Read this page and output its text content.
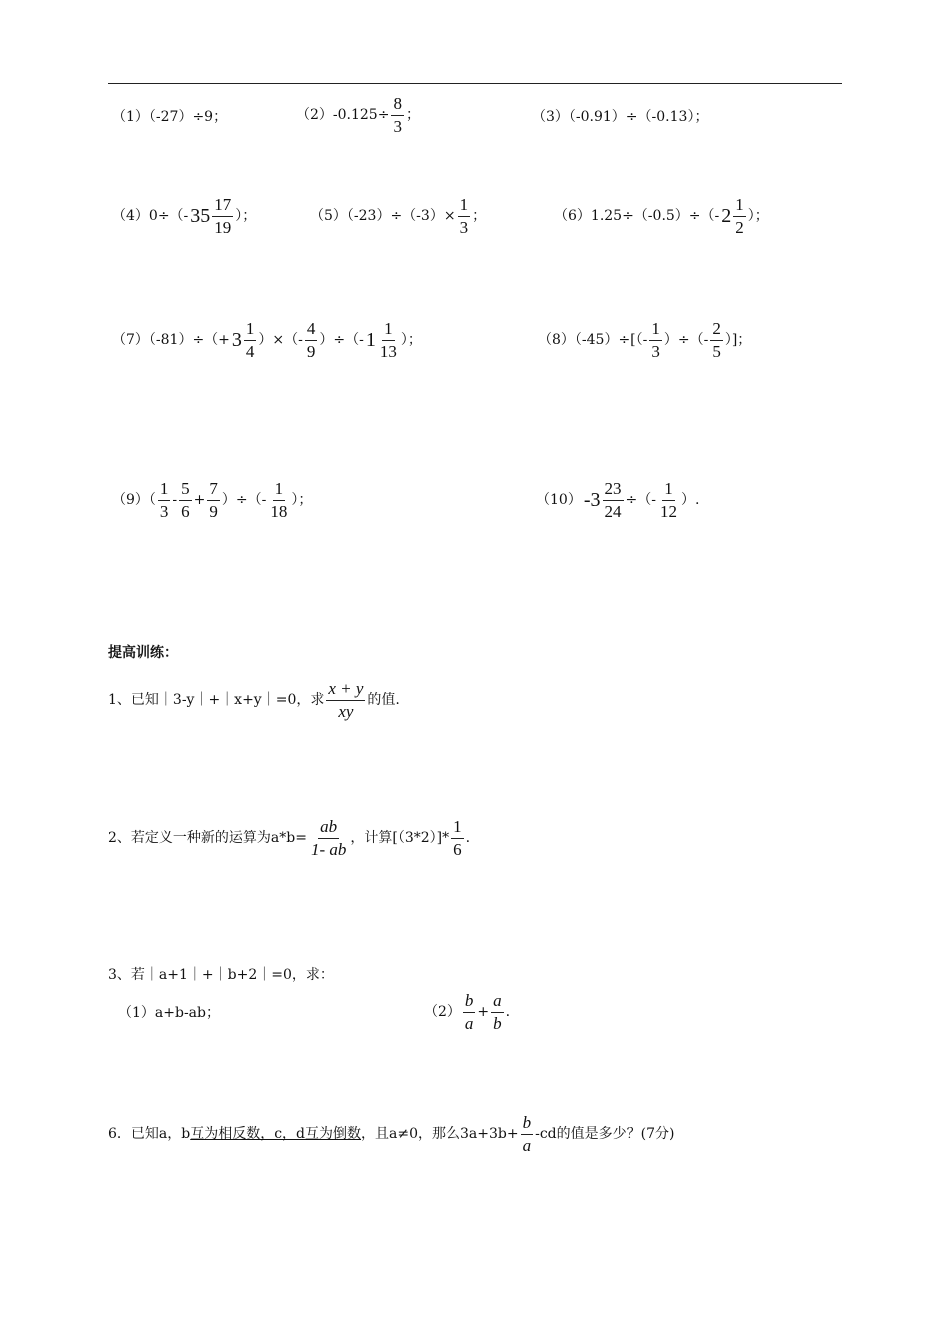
（1）（-27）÷9；	$(2)-0.125\div \frac{8}{3}$ ；	（3）（-0.91）÷（-0.13）；
（4）0÷（- $35 \frac{17}{19}$ ）；	$(5)(-23)\div(-3)\times \frac{1}{3}$ ；	（6）1.25÷（-0.5）÷（- $2 \frac{1}{2}$ ）；
$(7)(-81)\div(+ 3 \frac{1}{4}$ ）×（- $\frac{4}{9}$ ）÷（- $1 \frac{1}{13}$ ）；	$(8)(-45)\div[(- \frac{1}{3}$ ）÷（- $\frac{2}{5}$ ）]；
$(9)( \frac{1}{3} - \frac{5}{6} + \frac{7}{9}$ ）÷（- $\frac{1}{18}$ ）；	（10） $-3 \frac{23}{24}$ ÷（- $\frac{1}{12}$ ）.
提高训练：
1、已知｜3-y｜+｜x+y｜=0，求 $\frac{x + y}{xy}$ 的值.
2、若定义一种新的运算为$a*b= \frac{ab}{1- ab}$ ，计算$[(3*2)]* \frac{1}{6}$ .
3、若｜a+1｜+｜b+2｜=0，求：
（1）a+b-ab；	$(2) \frac{b}{a} + \frac{a}{b}$ .
6．已知a，b 互为相反数，c，d 互为倒数 ，且a≠0，那么$3a+3b+ \frac{b}{a} -cd$的值是多少？(7分)
